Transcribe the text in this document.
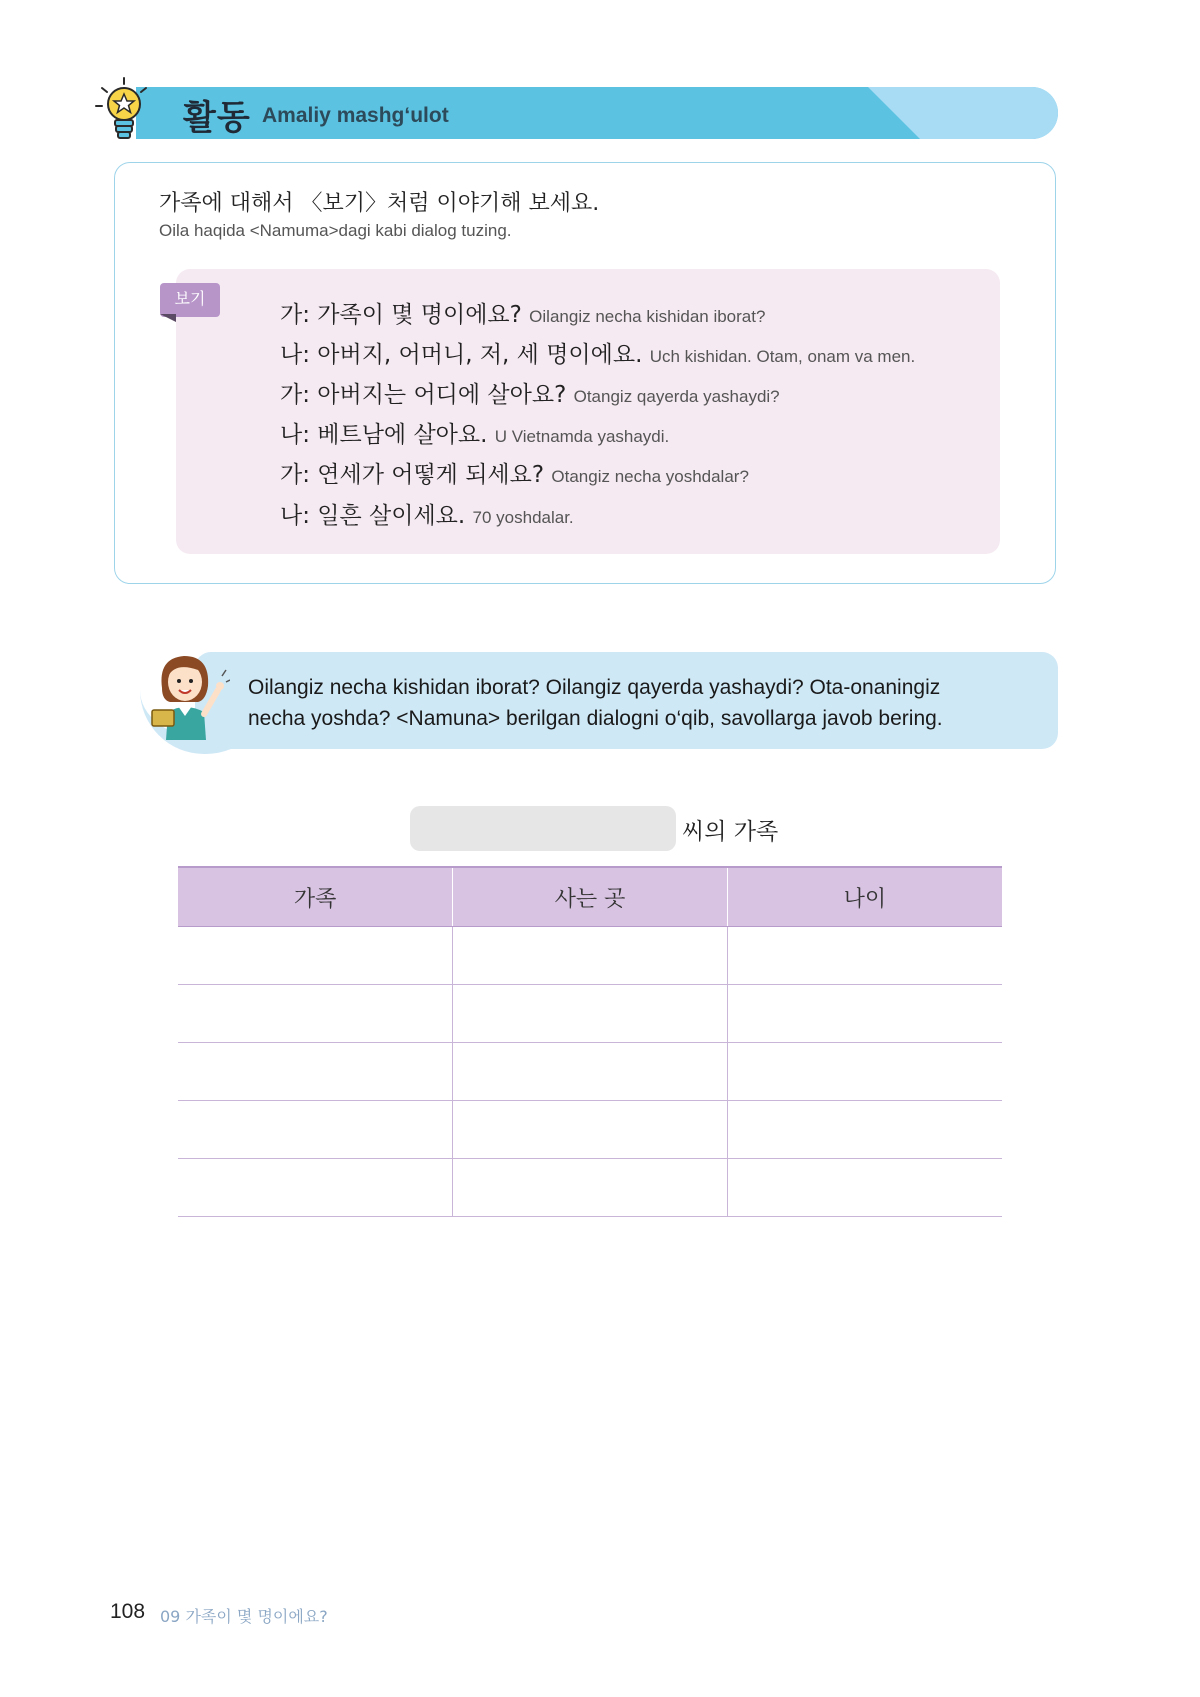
활동 Amaliy mashg‘ulot
가족에 대해서 〈보기〉처럼 이야기해 보세요.
Oila haqida <Namuma>dagi kabi dialog tuzing.
보기
가: 가족이 몇 명이에요? Oilangiz necha kishidan iborat?
나: 아버지, 어머니, 저, 세 명이에요. Uch kishidan. Otam, onam va men.
가: 아버지는 어디에 살아요? Otangiz qayerda yashaydi?
나: 베트남에 살아요. U Vietnamda yashaydi.
가: 연세가 어떻게 되세요? Otangiz necha yoshdalar?
나: 일흔 살이세요. 70 yoshdalar.
Oilangiz necha kishidan iborat? Oilangiz qayerda yashaydi? Ota-onaningiz
necha yoshda? <Namuna> berilgan dialogni o‘qib, savollarga javob bering.
씨의 가족
가족	사는 곳	나이

108 09 가족이 몇 명이에요?
